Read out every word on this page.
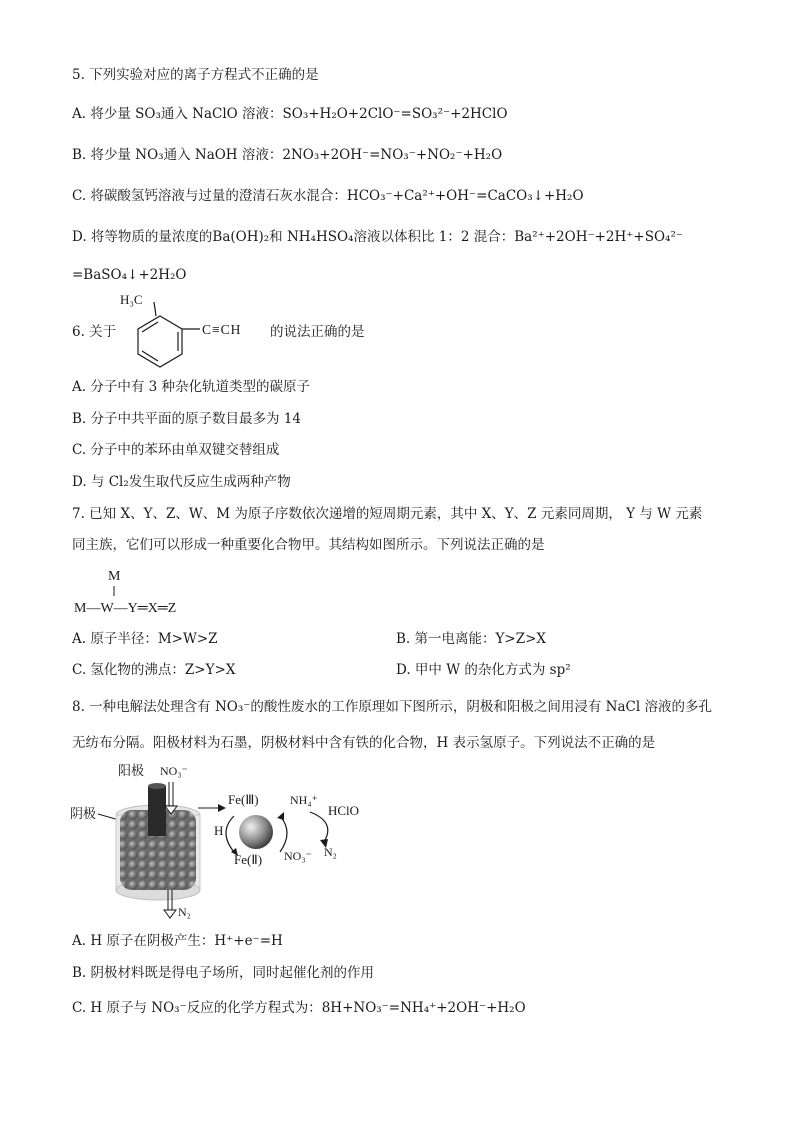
5. 下列实验对应的离子方程式不正确的是
A. 将少量 SO₃通入 NaClO 溶液：SO₃+H₂O+2ClO⁻=SO₃²⁻+2HClO
B. 将少量 NO₃通入 NaOH 溶液：2NO₃+2OH⁻=NO₃⁻+NO₂⁻+H₂O
C. 将碳酸氢钙溶液与过量的澄清石灰水混合：HCO₃⁻+Ca²⁺+OH⁻=CaCO₃↓+H₂O
D. 将等物质的量浓度的Ba(OH)₂和 NH₄HSO₄溶液以体积比 1：2 混合：Ba²⁺+2OH⁻+2H⁺+SO₄²⁻
=BaSO₄↓+2H₂O
6. 关于
H₃C
C≡CH 的说法正确的是
A. 分子中有 3 种杂化轨道类型的碳原子
B. 分子中共平面的原子数目最多为 14
C. 分子中的苯环由单双键交替组成
D. 与 Cl₂发生取代反应生成两种产物
7. 已知 X、Y、Z、W、M 为原子序数依次递增的短周期元素，其中 X、Y、Z 元素同周期， Y 与 W 元素
同主族，它们可以形成一种重要化合物甲。其结构如图所示。下列说法正确的是
M
M—W—Y═X═Z
A. 原子半径：M>W>Z	B. 第一电离能：Y>Z>X
C. 氢化物的沸点：Z>Y>X	D. 甲中 W 的杂化方式为 sp²
8. 一种电解法处理含有 NO₃⁻的酸性废水的工作原理如下图所示，阴极和阳极之间用浸有 NaCl 溶液的多孔
无纺布分隔。阳极材料为石墨，阴极材料中含有铁的化合物，H 表示氢原子。下列说法不正确的是
阳极
阴极
NO₃⁻
N₂
Fe(Ⅲ)
H
Fe(Ⅱ)
NH₄⁺
NO₃⁻
HClO
N₂
A. H 原子在阴极产生：H⁺+e⁻=H
B. 阴极材料既是得电子场所，同时起催化剂的作用
C. H 原子与 NO₃⁻反应的化学方程式为：8H+NO₃⁻=NH₄⁺+2OH⁻+H₂O
